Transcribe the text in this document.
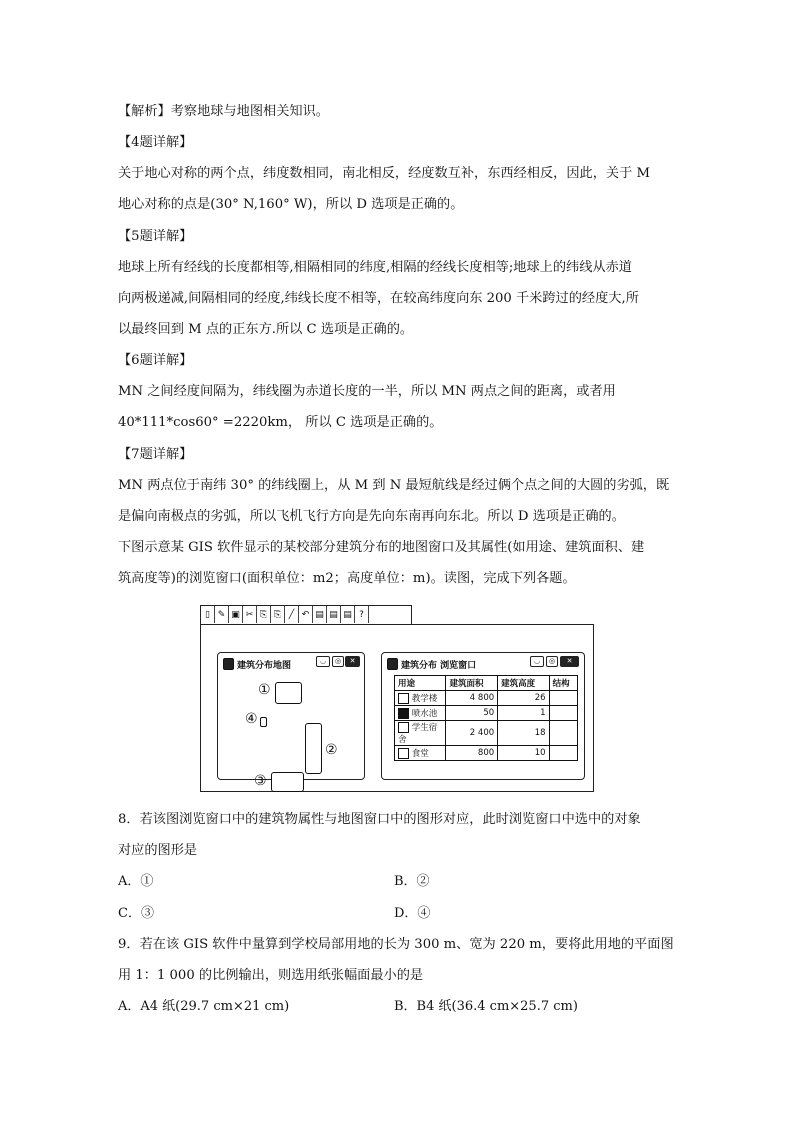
【解析】考察地球与地图相关知识。
【4题详解】
关于地心对称的两个点，纬度数相同，南北相反，经度数互补，东西经相反，因此，关于 M
地心对称的点是(30° N,160° W)，所以 D 选项是正确的。
【5题详解】
地球上所有经线的长度都相等,相隔相同的纬度,相隔的经线长度相等;地球上的纬线从赤道
向两极递减,间隔相同的经度,纬线长度不相等，在较高纬度向东 200 千米跨过的经度大,所
以最终回到 M 点的正东方.所以 C 选项是正确的。
【6题详解】
MN 之间经度间隔为，纬线圈为赤道长度的一半，所以 MN 两点之间的距离，或者用
40*111*cos60° =2220km， 所以 C 选项是正确的。
【7题详解】
MN 两点位于南纬 30° 的纬线圈上，从 M 到 N 最短航线是经过俩个点之间的大圆的劣弧，既
是偏向南极点的劣弧，所以飞机飞行方向是先向东南再向东北。所以 D 选项是正确的。
下图示意某 GIS 软件显示的某校部分建筑分布的地图窗口及其属性(如用途、建筑面积、建
筑高度等)的浏览窗口(面积单位：m2；高度单位：m)。读图，完成下列各题。
▯ ✎ ▣ ✂ ⎘ ⎘ ╱ ↶ ▤ ▤ ▤ ?
建筑分布地图	◡	◎	✕
①
④
②
③
建筑分布 浏览窗口	◡	◎	✕
用途	建筑面积	建筑高度	结构
教学楼	4 800	26	
喷水池	50	1	
学生宿舍	2 400	18	
食堂	800	10	
8．若该图浏览窗口中的建筑物属性与地图窗口中的图形对应，此时浏览窗口中选中的对象
对应的图形是
A．①	B．②
C．③	D．④
9．若在该 GIS 软件中量算到学校局部用地的长为 300 m、宽为 220 m，要将此用地的平面图
用 1：1 000 的比例输出，则选用纸张幅面最小的是
A．A4 纸(29.7 cm×21 cm)	B．B4 纸(36.4 cm×25.7 cm)
